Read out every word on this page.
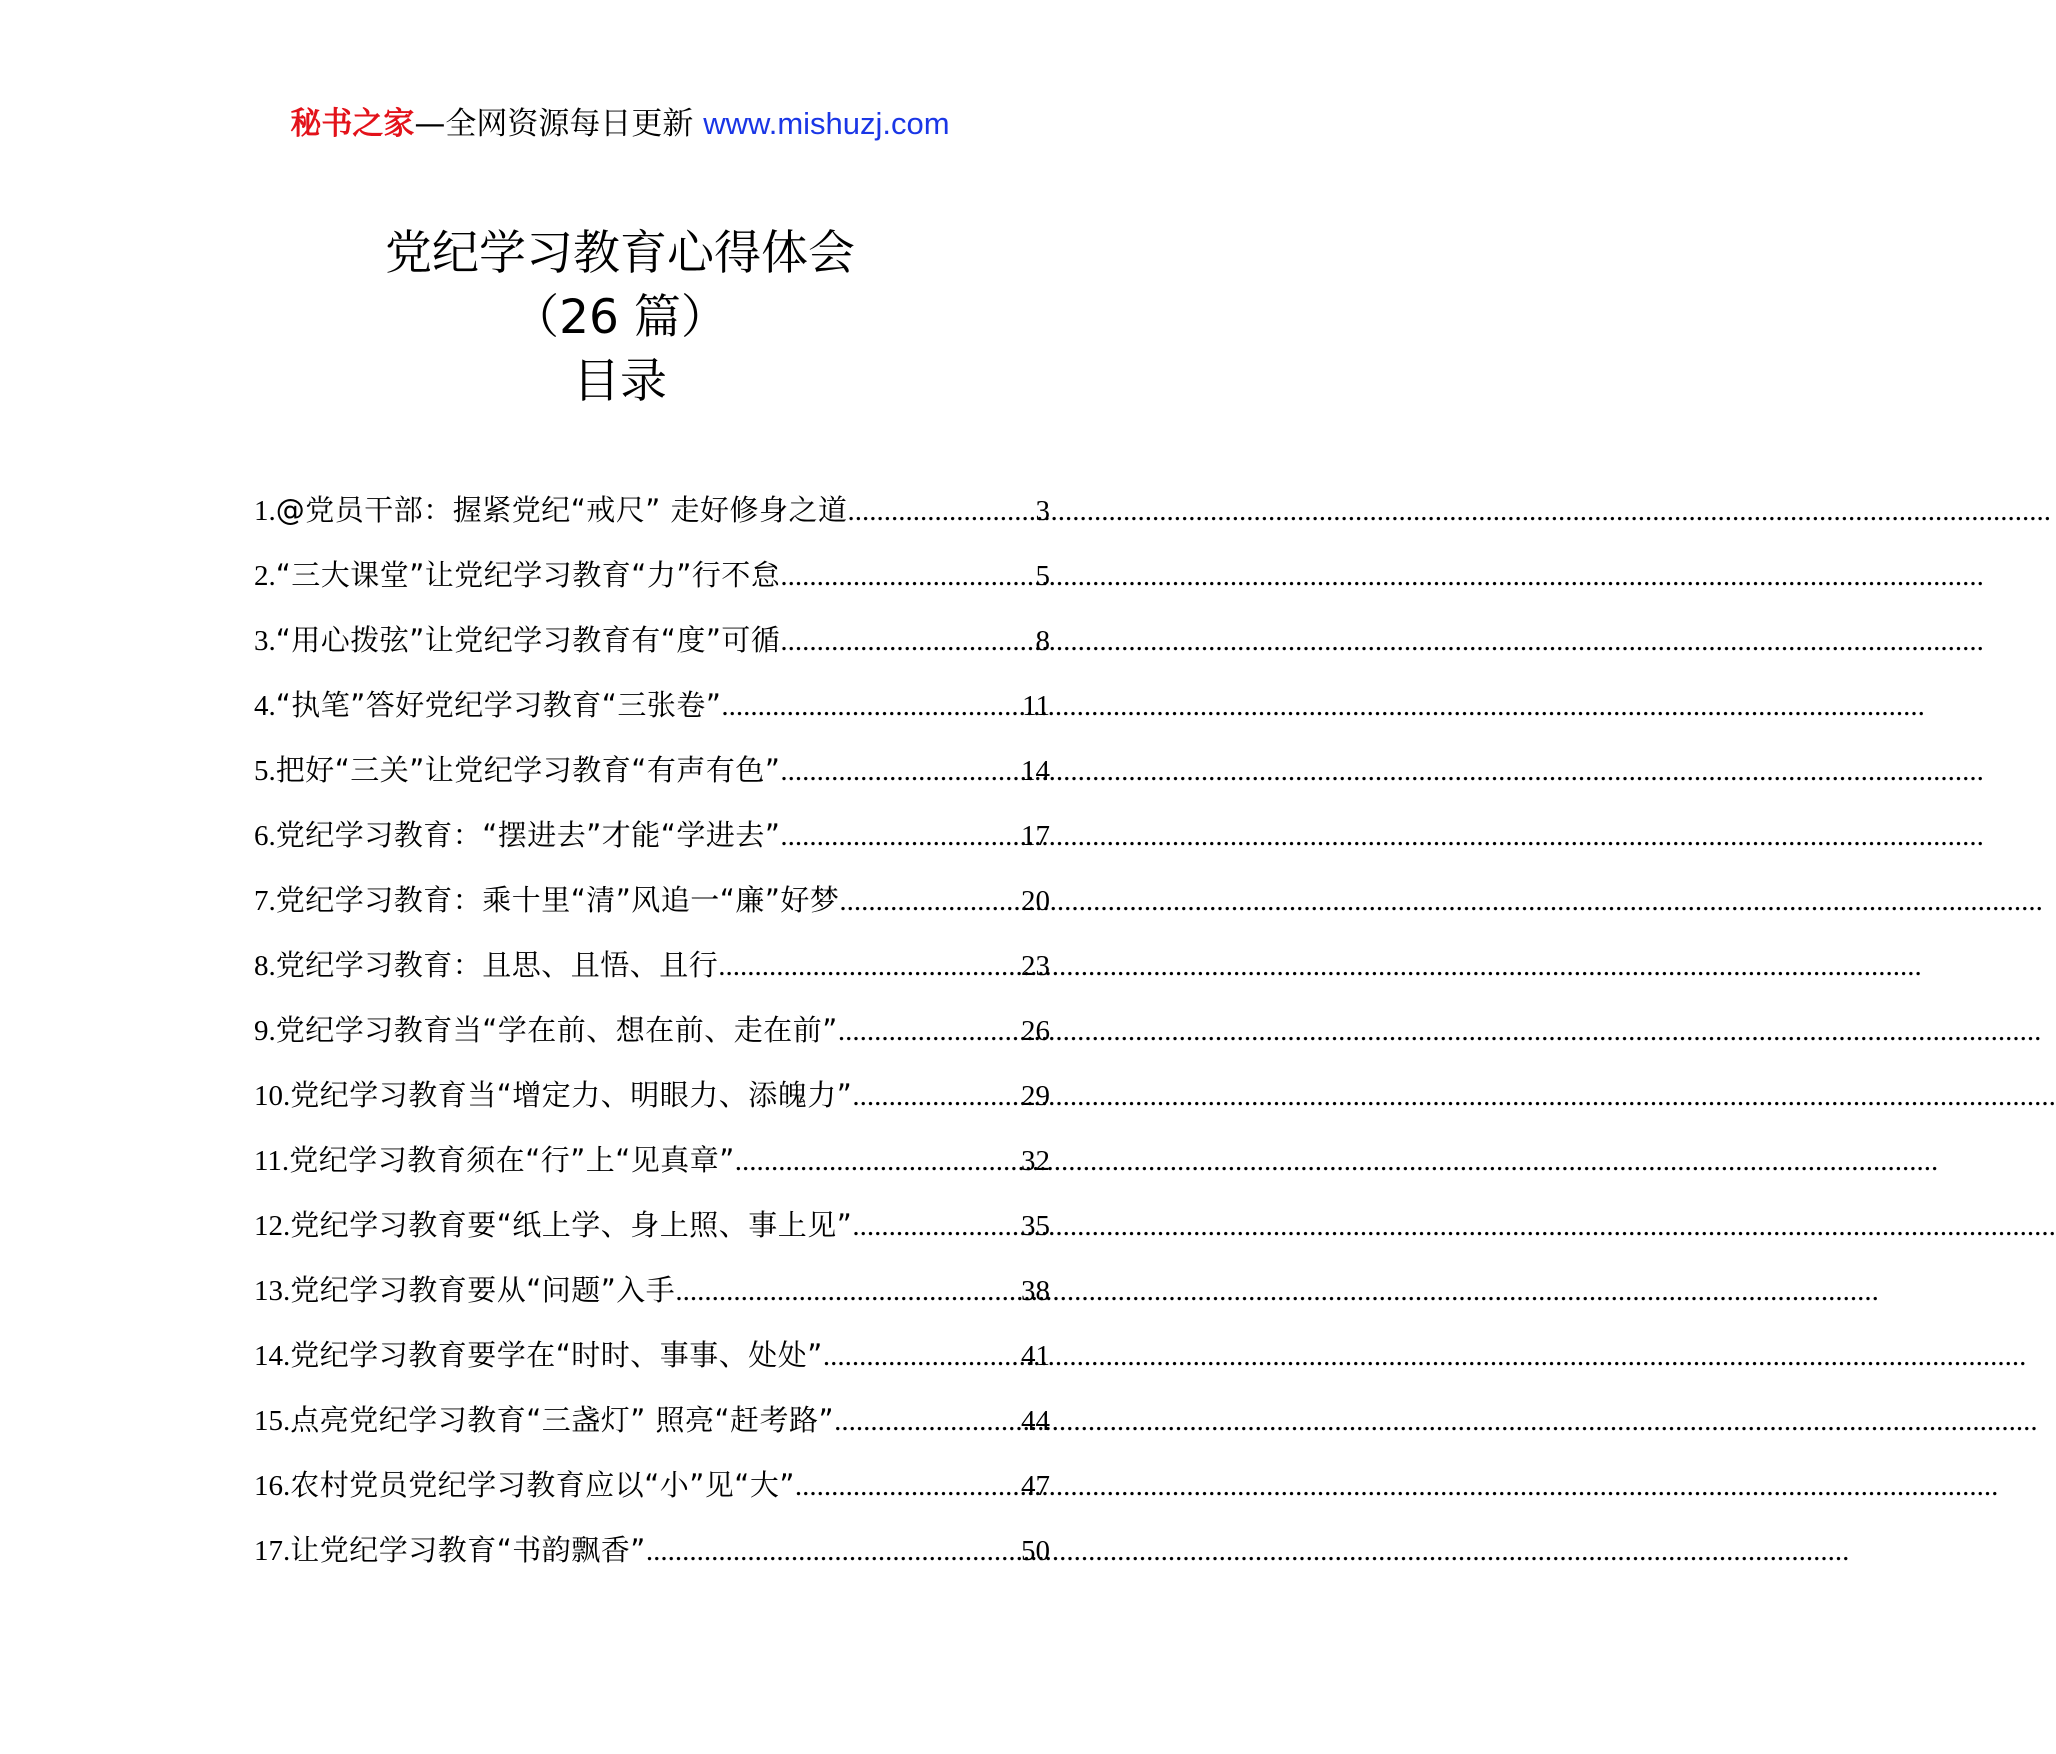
秘书之家—全网资源每日更新 www.mishuzj.com
党纪学习教育心得体会
（26 篇）
目录
1. @党员干部：握紧党纪“戒尺” 走好修身之道 .....	3
2. “三大课堂”让党纪学习教育“力”行不怠 .....	5
3. “用心拨弦”让党纪学习教育有“度”可循 .....	8
4. “执笔”答好党纪学习教育“三张卷” .....	11
5. 把好“三关”让党纪学习教育“有声有色” .....	14
6. 党纪学习教育：“摆进去”才能“学进去” .....	17
7. 党纪学习教育：乘十里“清”风追一“廉”好梦 .....	20
8. 党纪学习教育：且思、且悟、且行 .....	23
9. 党纪学习教育当“学在前、想在前、走在前” .....	26
10. 党纪学习教育当“增定力、明眼力、添魄力” .....	29
11. 党纪学习教育须在“行”上“见真章” .....	32
12. 党纪学习教育要“纸上学、身上照、事上见” .....	35
13. 党纪学习教育要从“问题”入手 .....	38
14. 党纪学习教育要学在“时时、事事、处处” .....	41
15. 点亮党纪学习教育“三盏灯” 照亮“赶考路” .....	44
16. 农村党员党纪学习教育应以“小”见“大” .....	47
17. 让党纪学习教育“书韵飘香” .....	50
